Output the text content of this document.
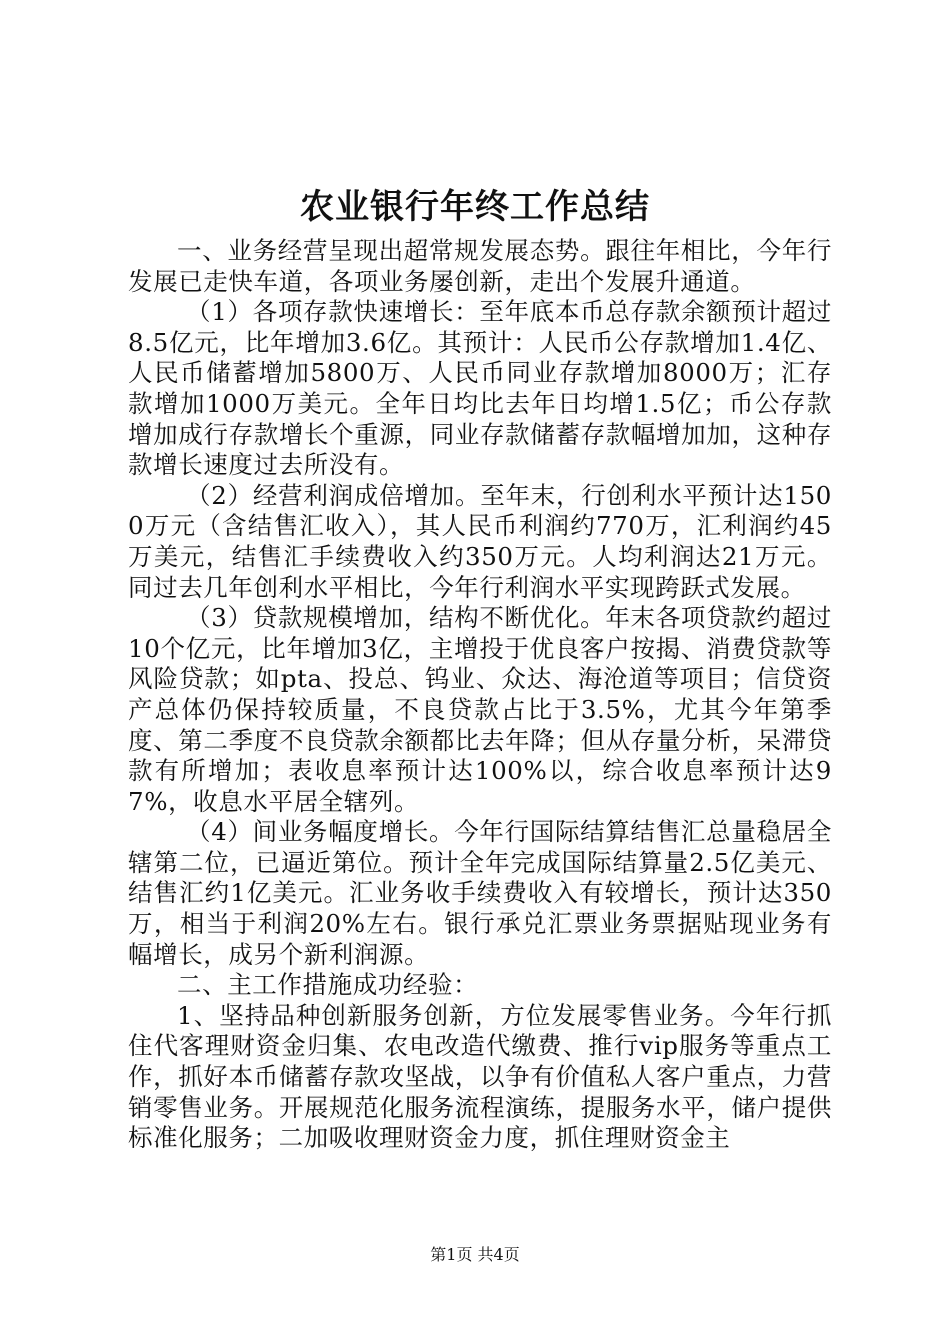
农业银行年终工作总结

一、业务经营呈现出超常规发展态势。跟往年相比，今年行发展已走快车道，各项业务屡创新，走出个发展升通道。

（1）各项存款快速增长：至年底本币总存款余额预计超过8.5亿元，比年增加3.6亿。其预计：人民币公存款增加1.4亿、人民币储蓄增加5800万、人民币同业存款增加8000万；汇存款增加1000万美元。全年日均比去年日均增1.5亿；币公存款增加成行存款增长个重源，同业存款储蓄存款幅增加加，这种存款增长速度过去所没有。

（2）经营利润成倍增加。至年末，行创利水平预计达1500万元（含结售汇收入），其人民币利润约770万，汇利润约45万美元，结售汇手续费收入约350万元。人均利润达21万元。同过去几年创利水平相比，今年行利润水平实现跨跃式发展。

（3）贷款规模增加，结构不断优化。年末各项贷款约超过10个亿元，比年增加3亿，主增投于优良客户按揭、消费贷款等风险贷款；如pta、投总、钨业、众达、海沧道等项目；信贷资产总体仍保持较质量，不良贷款占比于3.5%，尤其今年第季度、第二季度不良贷款余额都比去年降；但从存量分析，呆滞贷款有所增加；表收息率预计达100%以，综合收息率预计达97%，收息水平居全辖列。

（4）间业务幅度增长。今年行国际结算结售汇总量稳居全辖第二位，已逼近第位。预计全年完成国际结算量2.5亿美元、结售汇约1亿美元。汇业务收手续费收入有较增长，预计达350万，相当于利润20%左右。银行承兑汇票业务票据贴现业务有幅增长，成另个新利润源。

二、主工作措施成功经验：

1、坚持品种创新服务创新，方位发展零售业务。今年行抓住代客理财资金归集、农电改造代缴费、推行vip服务等重点工作，抓好本币储蓄存款攻坚战，以争有价值私人客户重点，力营销零售业务。开展规范化服务流程演练，提服务水平，储户提供标准化服务；二加吸收理财资金力度，抓住理财资金主

第1页 共4页
